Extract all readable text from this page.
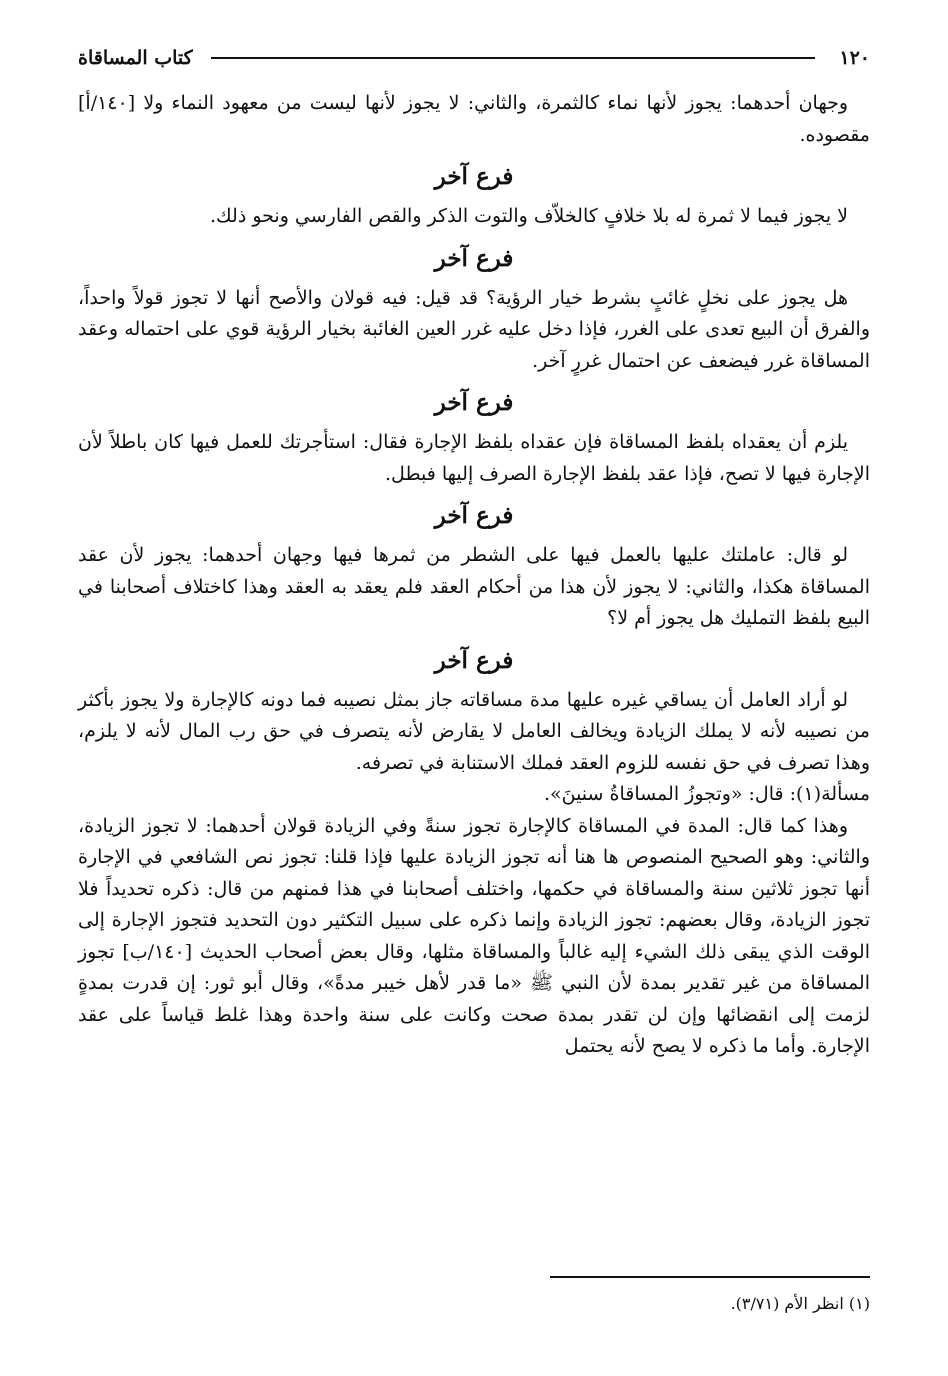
١٢٠
كتاب المساقاة

وجهان أحدهما: يجوز لأنها نماء كالثمرة، والثاني: لا يجوز لأنها ليست من معهود النماء ولا [١٤٠/أ] مقصوده.

فرع آخر

لا يجوز فيما لا ثمرة له بلا خلافٍ كالخلاّف والتوت الذكر والقص الفارسي ونحو ذلك.

فرع آخر

هل يجوز على نخلٍ غائبٍ بشرط خيار الرؤية؟ قد قيل: فيه قولان والأصح أنها لا تجوز قولاً واحداً، والفرق أن البيع تعدى على الغرر، فإذا دخل عليه غرر العين الغائبة بخيار الرؤية قوي على احتماله وعقد المساقاة غرر فيضعف عن احتمال غررٍ آخر.

فرع آخر

يلزم أن يعقداه بلفظ المساقاة فإن عقداه بلفظ الإجارة فقال: استأجرتك للعمل فيها كان باطلاً لأن الإجارة فيها لا تصح، فإذا عقد بلفظ الإجارة الصرف إليها فبطل.

فرع آخر

لو قال: عاملتك عليها بالعمل فيها على الشطر من ثمرها فيها وجهان أحدهما: يجوز لأن عقد المساقاة هكذا، والثاني: لا يجوز لأن هذا من أحكام العقد فلم يعقد به العقد وهذا كاختلاف أصحابنا في البيع بلفظ التمليك هل يجوز أم لا؟

فرع آخر

لو أراد العامل أن يساقي غيره عليها مدة مساقاته جاز بمثل نصيبه فما دونه كالإجارة ولا يجوز بأكثر من نصيبه لأنه لا يملك الزيادة ويخالف العامل لا يقارض لأنه يتصرف في حق رب المال لأنه لا يلزم، وهذا تصرف في حق نفسه للزوم العقد فملك الاستنابة في تصرفه.

مسألة(١): قال: «وتجوزُ المساقاةُ سنينَ».

وهذا كما قال: المدة في المساقاة كالإجارة تجوز سنةً وفي الزيادة قولان أحدهما: لا تجوز الزيادة، والثاني: وهو الصحيح المنصوص ها هنا أنه تجوز الزيادة عليها فإذا قلنا: تجوز نص الشافعي في الإجارة أنها تجوز ثلاثين سنة والمساقاة في حكمها، واختلف أصحابنا في هذا فمنهم من قال: ذكره تحديداً فلا تجوز الزيادة، وقال بعضهم: تجوز الزيادة وإنما ذكره على سبيل التكثير دون التحديد فتجوز الإجارة إلى الوقت الذي يبقى ذلك الشيء إليه غالباً والمساقاة مثلها، وقال بعض أصحاب الحديث [١٤٠/ب] تجوز المساقاة من غير تقدير بمدة لأن النبي ﷺ «ما قدر لأهل خيبر مدةً»، وقال أبو ثور: إن قدرت بمدةٍ لزمت إلى انقضائها وإن لن تقدر بمدة صحت وكانت على سنة واحدة وهذا غلط قياساً على عقد الإجارة. وأما ما ذكره لا يصح لأنه يحتمل

(١) انظر الأم (٣/٧١).
